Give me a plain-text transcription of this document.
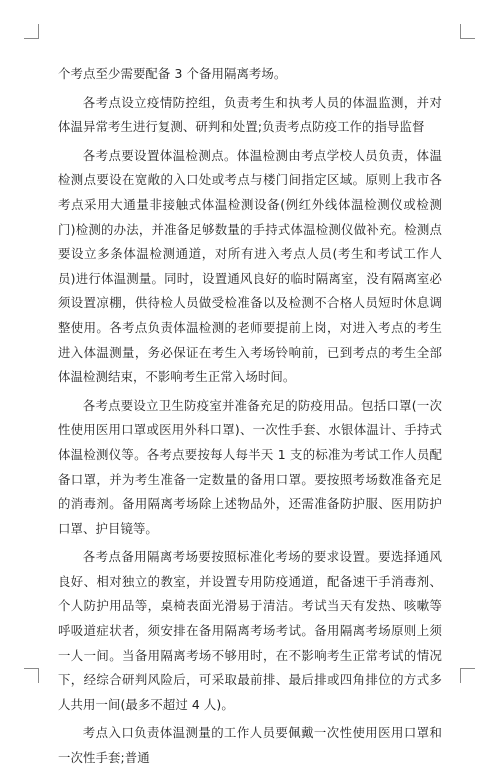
个考点至少需要配备 3 个备用隔离考场。

各考点设立疫情防控组，负责考生和执考人员的体温监测，并对体温异常考生进行复测、研判和处置;负责考点防疫工作的指导监督

各考点要设置体温检测点。体温检测由考点学校人员负责，体温检测点要设在宽敞的入口处或考点与楼门间指定区域。原则上我市各考点采用大通量非接触式体温检测设备(例红外线体温检测仪或检测门)检测的办法，并准备足够数量的手持式体温检测仪做补充。检测点要设立多条体温检测通道，对所有进入考点人员(考生和考试工作人员)进行体温测量。同时，设置通风良好的临时隔离室，没有隔离室必须设置凉棚，供待检人员做受检准备以及检测不合格人员短时休息调整使用。各考点负责体温检测的老师要提前上岗，对进入考点的考生进入体温测量，务必保证在考生入考场铃响前，已到考点的考生全部体温检测结束，不影响考生正常入场时间。

各考点要设立卫生防疫室并准备充足的防疫用品。包括口罩(一次性使用医用口罩或医用外科口罩)、一次性手套、水银体温计、手持式体温检测仪等。各考点要按每人每半天 1 支的标准为考试工作人员配备口罩，并为考生准备一定数量的备用口罩。要按照考场数准备充足的消毒剂。备用隔离考场除上述物品外，还需准备防护服、医用防护口罩、护目镜等。

各考点备用隔离考场要按照标准化考场的要求设置。要选择通风良好、相对独立的教室，并设置专用防疫通道，配备速干手消毒剂、个人防护用品等，桌椅表面光滑易于清洁。考试当天有发热、咳嗽等呼吸道症状者，须安排在备用隔离考场考试。备用隔离考场原则上须一人一间。当备用隔离考场不够用时，在不影响考生正常考试的情况下，经综合研判风险后，可采取最前排、最后排或四角排位的方式多人共用一间(最多不超过 4 人)。

考点入口负责体温测量的工作人员要佩戴一次性使用医用口罩和一次性手套;普通
